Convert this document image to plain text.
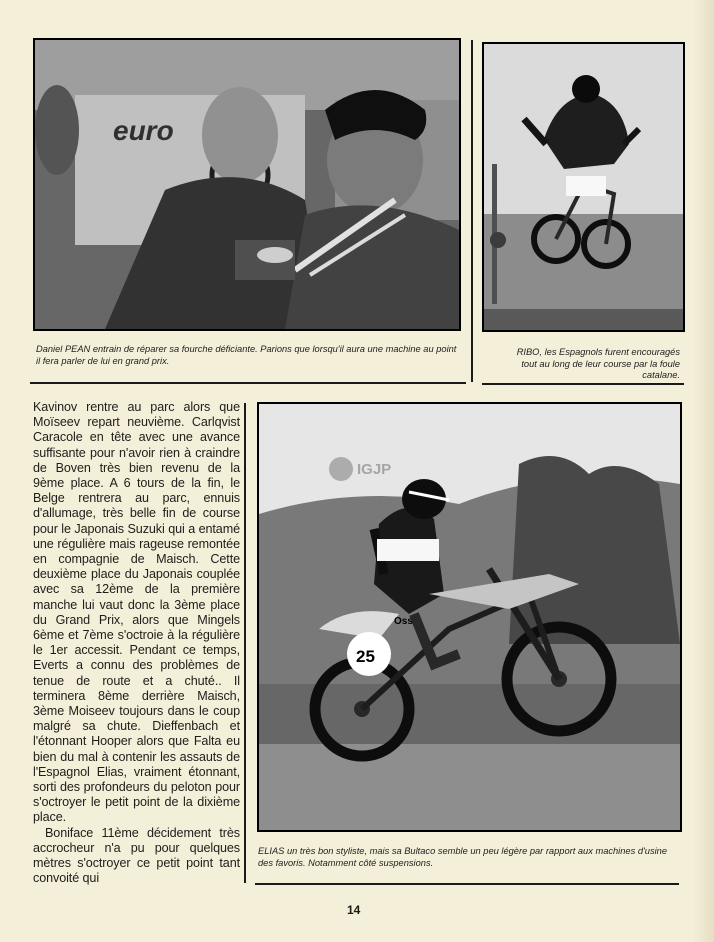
euro
Daniel PEAN entrain de réparer sa fourche déficiante. Parions que lorsqu'il aura une machine au point il fera parler de lui en grand prix.
RIBO, les Espagnols furent encouragés tout au long de leur course par la foule catalane.

Kavinov rentre au parc alors que Moïseev repart neuvième. Carlqvist Caracole en tête avec une avance suffisante pour n'avoir rien à craindre de Boven très bien revenu de la 9ème place. A 6 tours de la fin, le Belge rentrera au parc, ennuis d'allumage, très belle fin de course pour le Japonais Suzuki qui a entamé une régulière mais rageuse remontée en compagnie de Maisch. Cette deuxième place du Japonais couplée avec sa 12ème de la première manche lui vaut donc la 3ème place du Grand Prix, alors que Mingels 6ème et 7ème s'octroie à la régulière le 1er accessit. Pendant ce temps, Everts a connu des problèmes de tenue de route et a chuté.. Il terminera 8ème derrière Maisch, 3ème Moiseev toujours dans le coup malgré sa chute. Dieffenbach et l'étonnant Hooper alors que Falta eu bien du mal à contenir les assauts de l'Espagnol Elias, vraiment étonnant, sorti des profondeurs du peloton pour s'octroyer le petit point de la dixième place.

Boniface 11ème décidement très accrocheur n'a pu pour quelques mètres s'octroyer ce petit point tant convoité qui

IGJP
25
Ossa
ELIAS un très bon styliste, mais sa Bultaco semble un peu légère par rapport aux machines d'usine des favoris. Notamment côté suspensions.
14
